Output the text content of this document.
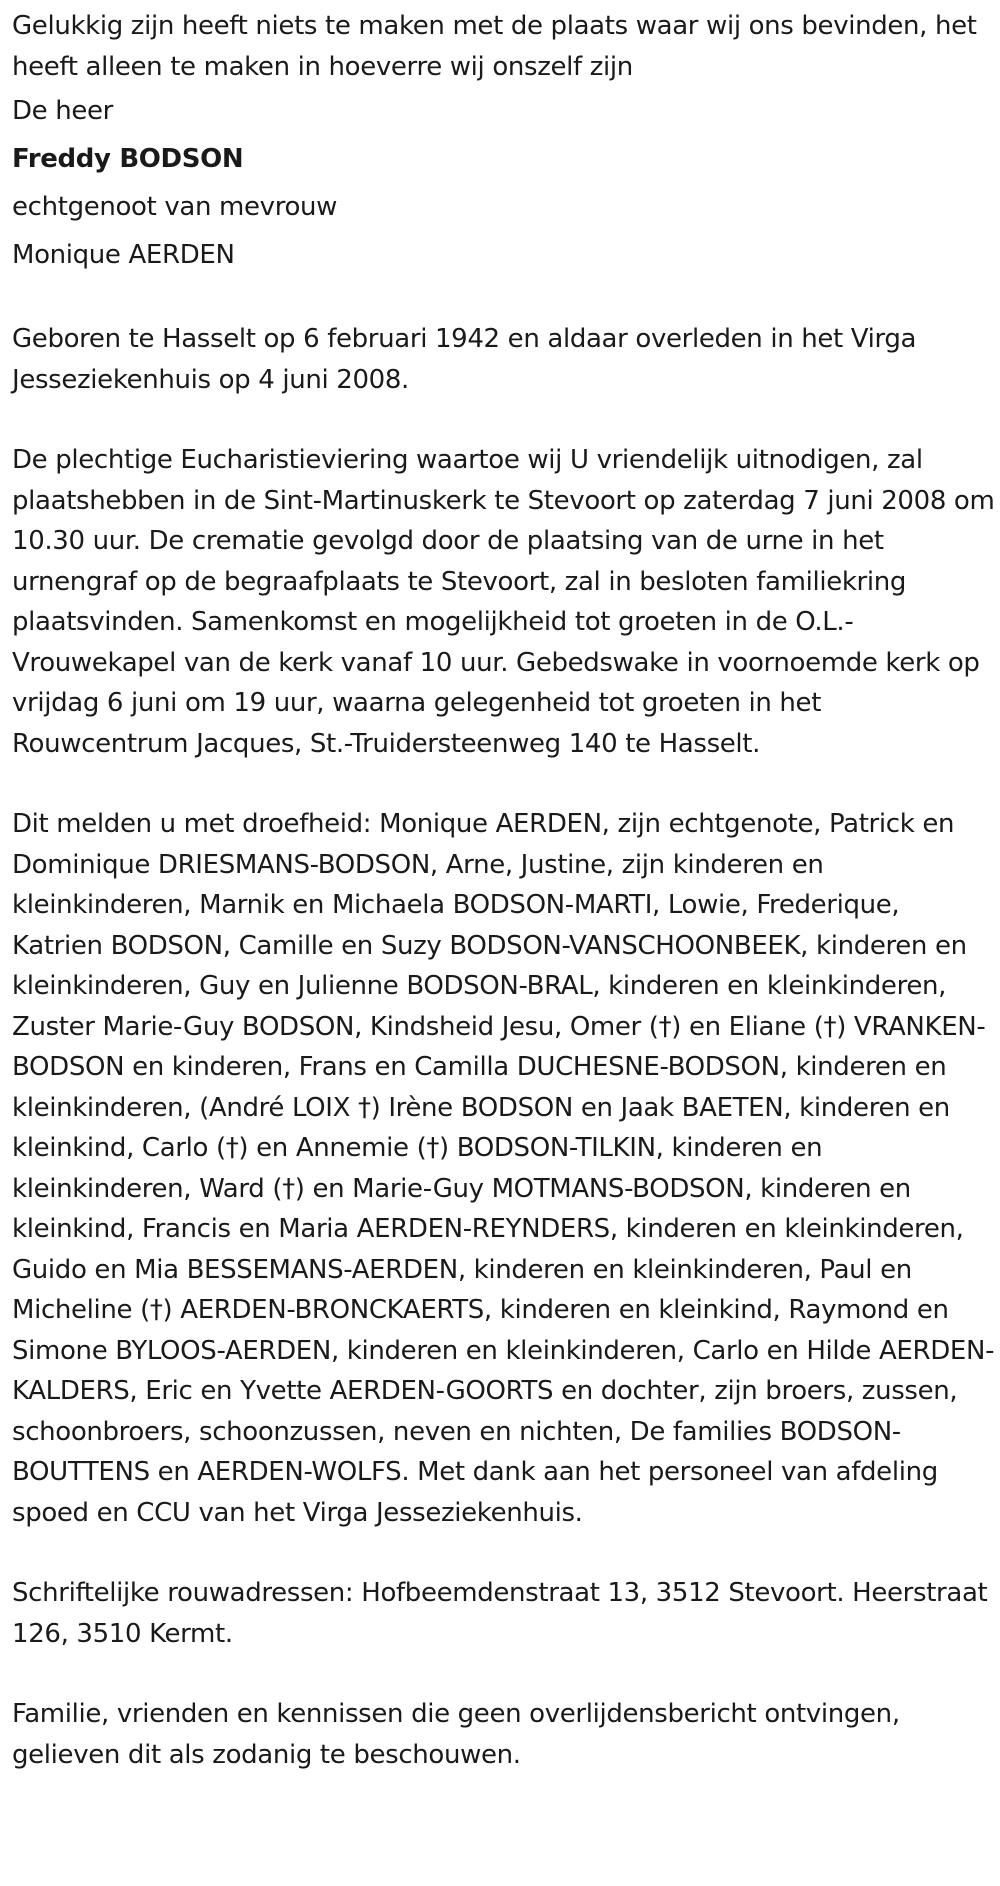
Gelukkig zijn heeft niets te maken met de plaats waar wij ons bevinden, het heeft alleen te maken in hoeverre wij onszelf zijn

De heer

Freddy BODSON

echtgenoot van mevrouw

Monique AERDEN

Geboren te Hasselt op 6 februari 1942 en aldaar overleden in het Virga Jesseziekenhuis op 4 juni 2008.

De plechtige Eucharistieviering waartoe wij U vriendelijk uitnodigen, zal plaatshebben in de Sint-Martinuskerk te Stevoort op zaterdag 7 juni 2008 om 10.30 uur. De crematie gevolgd door de plaatsing van de urne in het urnengraf op de begraafplaats te Stevoort, zal in besloten familiekring plaatsvinden. Samenkomst en mogelijkheid tot groeten in de O.L.-Vrouwekapel van de kerk vanaf 10 uur. Gebedswake in voornoemde kerk op vrijdag 6 juni om 19 uur, waarna gelegenheid tot groeten in het Rouwcentrum Jacques, St.-Truidersteenweg 140 te Hasselt.

Dit melden u met droefheid: Monique AERDEN, zijn echtgenote, Patrick en Dominique DRIESMANS-BODSON, Arne, Justine, zijn kinderen en kleinkinderen, Marnik en Michaela BODSON-MARTI, Lowie, Frederique, Katrien BODSON, Camille en Suzy BODSON-VANSCHOONBEEK, kinderen en kleinkinderen, Guy en Julienne BODSON-BRAL, kinderen en kleinkinderen, Zuster Marie-Guy BODSON, Kindsheid Jesu, Omer (†) en Eliane (†) VRANKEN-BODSON en kinderen, Frans en Camilla DUCHESNE-BODSON, kinderen en kleinkinderen, (André LOIX †) Irène BODSON en Jaak BAETEN, kinderen en kleinkind, Carlo (†) en Annemie (†) BODSON-TILKIN, kinderen en kleinkinderen, Ward (†) en Marie-Guy MOTMANS-BODSON, kinderen en kleinkind, Francis en Maria AERDEN-REYNDERS, kinderen en kleinkinderen, Guido en Mia BESSEMANS-AERDEN, kinderen en kleinkinderen, Paul en Micheline (†) AERDEN-BRONCKAERTS, kinderen en kleinkind, Raymond en Simone BYLOOS-AERDEN, kinderen en kleinkinderen, Carlo en Hilde AERDEN-KALDERS, Eric en Yvette AERDEN-GOORTS en dochter, zijn broers, zussen, schoonbroers, schoonzussen, neven en nichten, De families BODSON-BOUTTENS en AERDEN-WOLFS. Met dank aan het personeel van afdeling spoed en CCU van het Virga Jesseziekenhuis.

Schriftelijke rouwadressen: Hofbeemdenstraat 13, 3512 Stevoort. Heerstraat 126, 3510 Kermt.

Familie, vrienden en kennissen die geen overlijdensbericht ontvingen, gelieven dit als zodanig te beschouwen.
